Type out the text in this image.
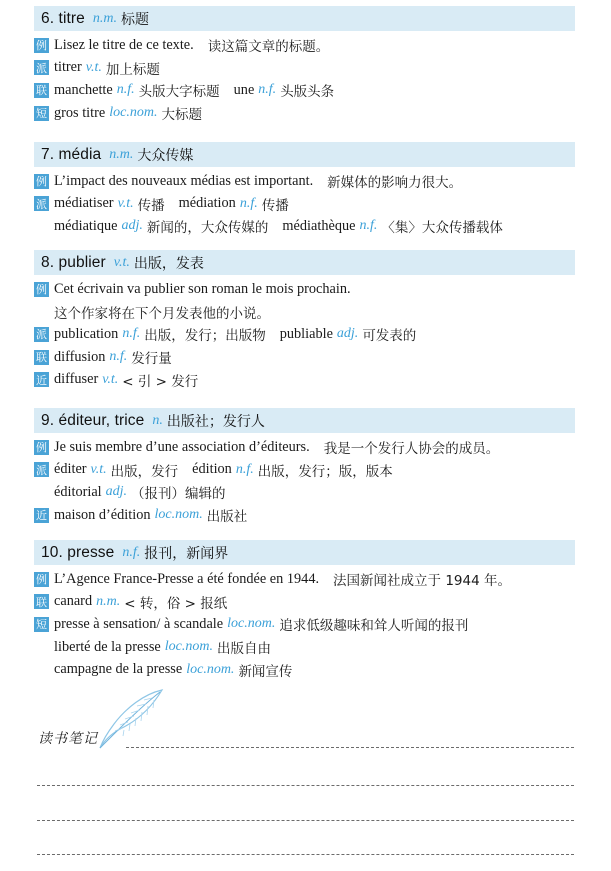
6. titre n.m. 标题
例 Lisez le titre de ce texte. 读这篇文章的标题。
派 titrer v.t. 加上标题
联 manchette n.f. 头版大字标题 une n.f. 头版头条
短 gros titre loc.nom. 大标题
7. média n.m. 大众传媒
例 L’impact des nouveaux médias est important. 新媒体的影响力很大。
派 médiatiser v.t. 传播 médiation n.f. 传播
médiatique adj. 新闻的，大众传媒的 médiathèque n.f. 〈集〉大众传播载体
8. publier v.t. 出版，发表
例 Cet écrivain va publier son roman le mois prochain.
这个作家将在下个月发表他的小说。
派 publication n.f. 出版，发行；出版物 publiable adj. 可发表的
联 diffusion n.f. 发行量
近 diffuser v.t. < 引 > 发行
9. éditeur, trice n. 出版社；发行人
例 Je suis membre d’une association d’éditeurs. 我是一个发行人协会的成员。
派 éditer v.t. 出版，发行 édition n.f. 出版，发行；版，版本
éditorial adj. （报刊）编辑的
近 maison d’édition loc.nom. 出版社
10. presse n.f. 报刊，新闻界
例 L’Agence France-Presse a été fondée en 1944. 法国新闻社成立于 1944 年。
联 canard n.m. < 转，俗 > 报纸
短 presse à sensation/ à scandale loc.nom. 追求低级趣味和耸人听闻的报刊
liberté de la presse loc.nom. 出版自由
campagne de la presse loc.nom. 新闻宣传
读书笔记
